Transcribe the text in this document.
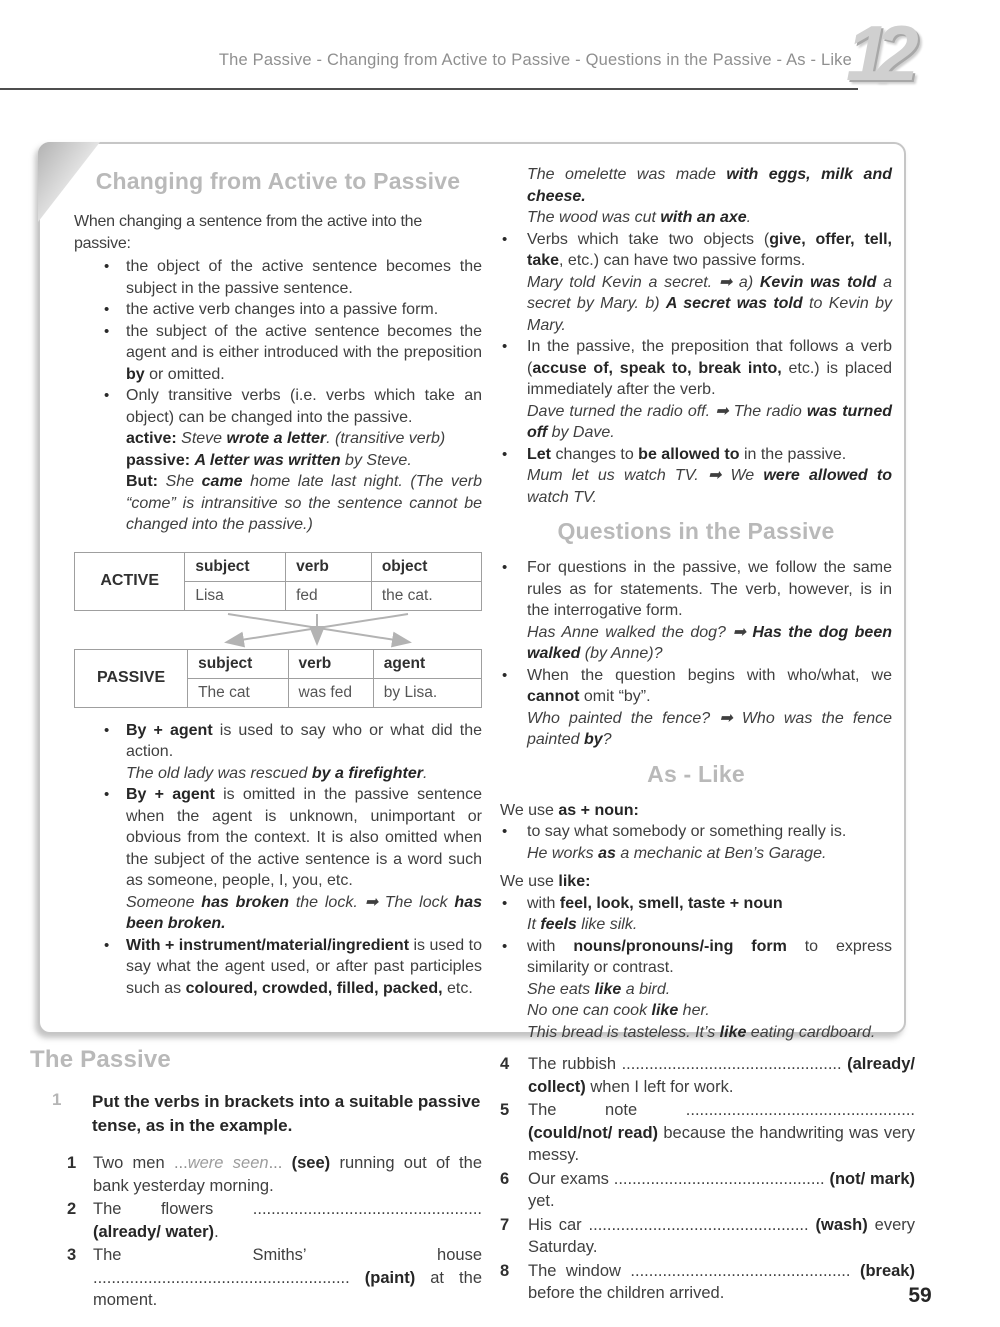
The Passive - Changing from Active to Passive - Questions in the Passive - As - Like
12
Changing from Active to Passive
When changing a sentence from the active into the passive:
•	the object of the active sentence becomes the subject in the passive sentence.
•	the active verb changes into a passive form.
•	the subject of the active sentence becomes the agent and is either introduced with the preposition by or omitted.
•	Only transitive verbs (i.e. verbs which take an object) can be changed into the passive.
active: Steve wrote a letter. (transitive verb)
passive: A letter was written by Steve.
But: She came home late last night. (The verb “come” is intransitive so the sentence cannot be changed into the passive.)
ACTIVE	subject	verb	object
	Lisa	fed	the cat.
PASSIVE	subject	verb	agent
	The cat	was fed	by Lisa.
•	By + agent is used to say who or what did the action.
The old lady was rescued by a firefighter.
•	By + agent is omitted in the passive sentence when the agent is unknown, unimportant or obvious from the context. It is also omitted when the subject of the active sentence is a word such as someone, people, I, you, etc.
Someone has broken the lock. ➡ The lock has been broken.
•	With + instrument/material/ingredient is used to say what the agent used, or after past participles such as coloured, crowded, filled, packed, etc.
The omelette was made with eggs, milk and cheese.
The wood was cut with an axe.
•	Verbs which take two objects (give, offer, tell, take, etc.) can have two passive forms.
Mary told Kevin a secret. ➡ a) Kevin was told a secret by Mary. b) A secret was told to Kevin by Mary.
•	In the passive, the preposition that follows a verb (accuse of, speak to, break into, etc.) is placed immediately after the verb.
Dave turned the radio off. ➡ The radio was turned off by Dave.
•	Let changes to be allowed to in the passive.
Mum let us watch TV. ➡ We were allowed to watch TV.
Questions in the Passive
•	For questions in the passive, we follow the same rules as for statements. The verb, however, is in the interrogative form.
Has Anne walked the dog? ➡ Has the dog been walked (by Anne)?
•	When the question begins with who/what, we cannot omit “by”.
Who painted the fence? ➡ Who was the fence painted by?
As - Like
We use as + noun:
•	to say what somebody or something really is.
He works as a mechanic at Ben’s Garage.
We use like:
•	with feel, look, smell, taste + noun
It feels like silk.
•	with nouns/pronouns/-ing form to express similarity or contrast.
She eats like a bird.
No one can cook like her.
This bread is tasteless. It’s like eating cardboard.
The Passive
1	Put the verbs in brackets into a suitable passive tense, as in the example.
1	Two men ...were seen... (see) running out of the bank yesterday morning.
2	The flowers .................................................. (already/ water).
3	The Smiths’ house ........................................................ (paint) at the moment.
4	The rubbish ................................................ (already/ collect) when I left for work.
5	The note .................................................. (could/not/ read) because the handwriting was very messy.
6	Our exams .............................................. (not/ mark) yet.
7	His car ................................................ (wash) every Saturday.
8	The window ................................................ (break) before the children arrived.	59
